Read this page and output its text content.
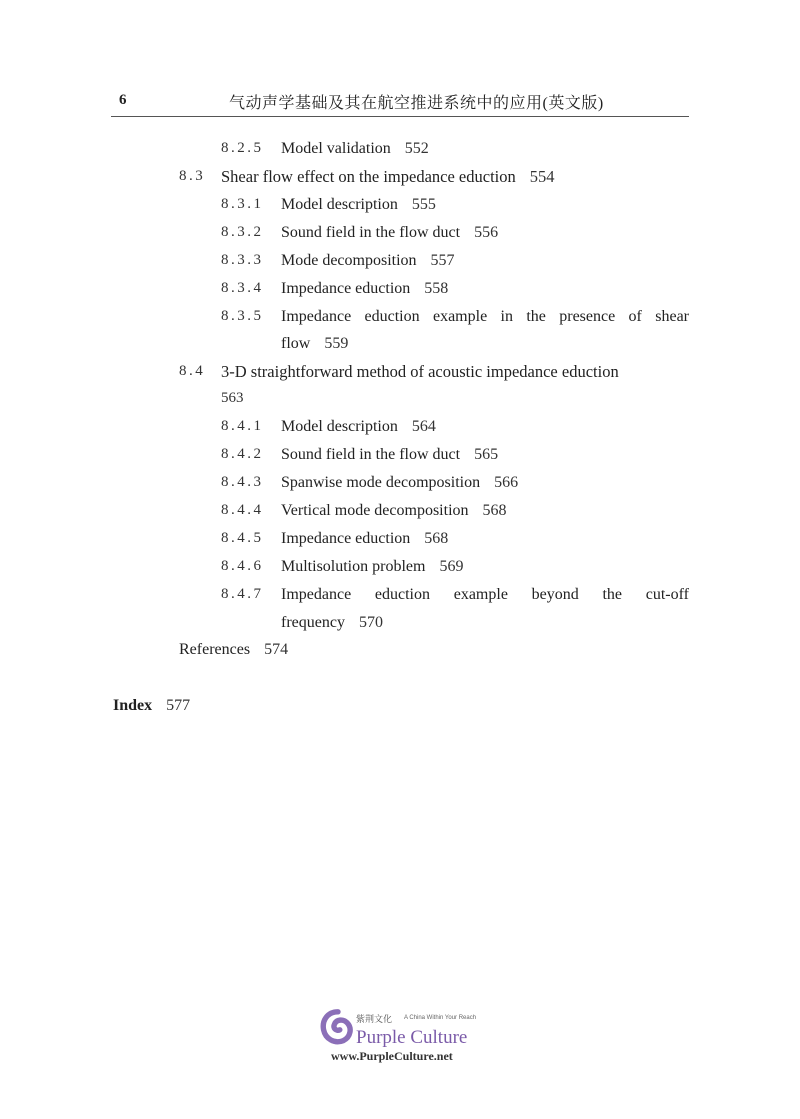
6	气动声学基础及其在航空推进系统中的应用(英文版)
8.2.5 Model validation 552
8.3 Shear flow effect on the impedance eduction 554
8.3.1 Model description 555
8.3.2 Sound field in the flow duct 556
8.3.3 Mode decomposition 557
8.3.4 Impedance eduction 558
8.3.5 Impedance eduction example in the presence of shear
flow 559
8.4 3-D straightforward method of acoustic impedance eduction
563
8.4.1 Model description 564
8.4.2 Sound field in the flow duct 565
8.4.3 Spanwise mode decomposition 566
8.4.4 Vertical mode decomposition 568
8.4.5 Impedance eduction 568
8.4.6 Multisolution problem 569
8.4.7 Impedance eduction example beyond the cut-off
frequency 570
References 574
Index 577
紫荆文化 A China Within Your Reach
Purple Culture
www.PurpleCulture.net
